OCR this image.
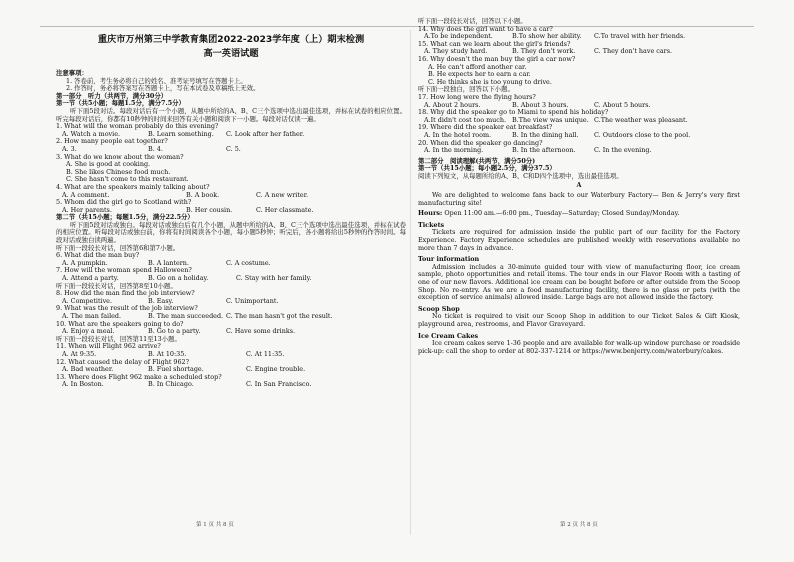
重庆市万州第三中学教育集团2022-2023学年度（上）期末检测

高一英语试题

注意事项：
1. 答卷前，考生务必将自己的姓名、准考证号填写在答题卡上。
2. 作答时，务必将答案写在答题卡上，写在本试卷及草稿纸上无效。
第一部分　听力（共两节，满分30分）
第一节（共5小题；每题1.5分，满分7.5分）
听下面5段对话。每段对话后有一个小题，从题中所给的A、B、C三个选项中选出最佳选项，并标在试卷的相应位置。听完每段对话后，你都有10秒钟的时间来回答有关小题和阅读下一小题。每段对话仅读一遍。
1. What will the woman probably do this evening?
A. Watch a movie.	B. Learn something.	C. Look after her father.
2. How many people eat together?
A. 3.	B. 4.	C. 5.
3. What do we know about the woman?
A. She is good at cooking.
B. She likes Chinese food much.
C. She hasn't come to this restaurant.
4. What are the speakers mainly talking about?
A. A comment.	B. A book.	C. A new writer.
5. Whom did the girl go to Scotland with?
A. Her parents.	B. Her cousin.	C. Her classmate.
第二节（共15小题；每题1.5分，满分22.5分）
听下面5段对话或独白。每段对话或独白后有几个小题，从题中所给的A、B、C三个选项中选出最佳选项，并标在试卷的相应位置。听每段对话或独白前，你将有时间阅读各个小题，每小题5秒钟；听完后，各小题将给出5秒钟的作答时间。每段对话或独白读两遍。
听下面一段较长对话，回答第6和第7小题。
6. What did the man buy?
A. A pumpkin.	B. A lantern.	C. A costume.
7. How will the woman spend Halloween?
A. Attend a party.	B. Go on a holiday.	C. Stay with her family.
听下面一段较长对话，回答第8至10小题。
8. How did the man find the job interview?
A. Competitive.	B. Easy.	C. Unimportant.
9. What was the result of the job interview?
A. The man failed.	B. The man succeeded. C. The man hasn't got the result.
10. What are the speakers going to do?
A. Enjoy a meal.	B. Go to a party.	C. Have some drinks.
听下面一段较长对话，回答第11至13小题。
11. When will Flight 962 arrive?
A. At 9:35.	B. At 10:35.	C. At 11:35.
12. What caused the delay of Flight 962?
A. Bad weather.	B. Fuel shortage.	C. Engine trouble.
13. Where does Flight 962 make a scheduled stop?
A. In Boston.	B. In Chicago.	C. In San Francisco.
听下面一段较长对话，回答以下小题。
14. Why does the girl want to have a car?
A.To be independent.	B.To show her ability.	C.To travel with her friends.
15. What can we learn about the girl's friends?
A. They study hard.	B. They don't work.	C. They don't have cars.
16. Why doesn't the man buy the girl a car now?
A. He can't afford another car.
B. He expects her to earn a car.
C. He thinks she is too young to drive.
听下面一段独白，回答以下小题。
17. How long were the flying hours?
A. About 2 hours.	B. About 3 hours.	C. About 5 hours.
18. Why did the speaker go to Miami to spend his holiday?
A.It didn't cost too much. B.The view was unique. C.The weather was pleasant.
19. Where did the speaker eat breakfast?
A. In the hotel room.	B. In the dining hall.	C. Outdoors close to the pool.
20. When did the speaker go dancing?
A. In the morning.	B. In the afternoon.	C. In the evening.
第二部分　阅读理解(共两节，满分50分)
第一节（共15小题；每小题2.5分，满分37.5）
阅读下列短文，从每题所给的A、B、C和D四个选项中，选出最佳选项。
A
We are delighted to welcome fans back to our Waterbury Factory— Ben & Jerry's very first manufacturing site!
Hours: Open 11:00 am.—6:00 pm., Tuesday—Saturday; Closed Sunday/Monday.
Tickets
Tickets are required for admission inside the public part of our facility for the Factory Experience. Factory Experience schedules are published weekly with reservations available no more than 7 days in advance.
Tour information
Admission includes a 30-minute guided tour with view of manufacturing floor, ice cream sample, photo opportunities and retail items. The tour ends in our Flavor Room with a tasting of one of our new flavors. Additional ice cream can be bought before or after outside from the Scoop Shop. No re-entry. As we are a food manufacturing facility, there is no glass or pets (with the exception of service animals) allowed inside. Large bags are not allowed inside the factory.
Scoop Shop
No ticket is required to visit our Scoop Shop in addition to our Ticket Sales & Gift Kiosk, playground area, restrooms, and Flavor Graveyard.
Ice Cream Cakes
Ice cream cakes serve 1-36 people and are available for walk-up window purchase or roadside pick-up: call the shop to order at 802-337-1214 or https://www.benjerry.com/waterbury/cakes.
第 1 页 共 8 页	第 2 页 共 8 页
